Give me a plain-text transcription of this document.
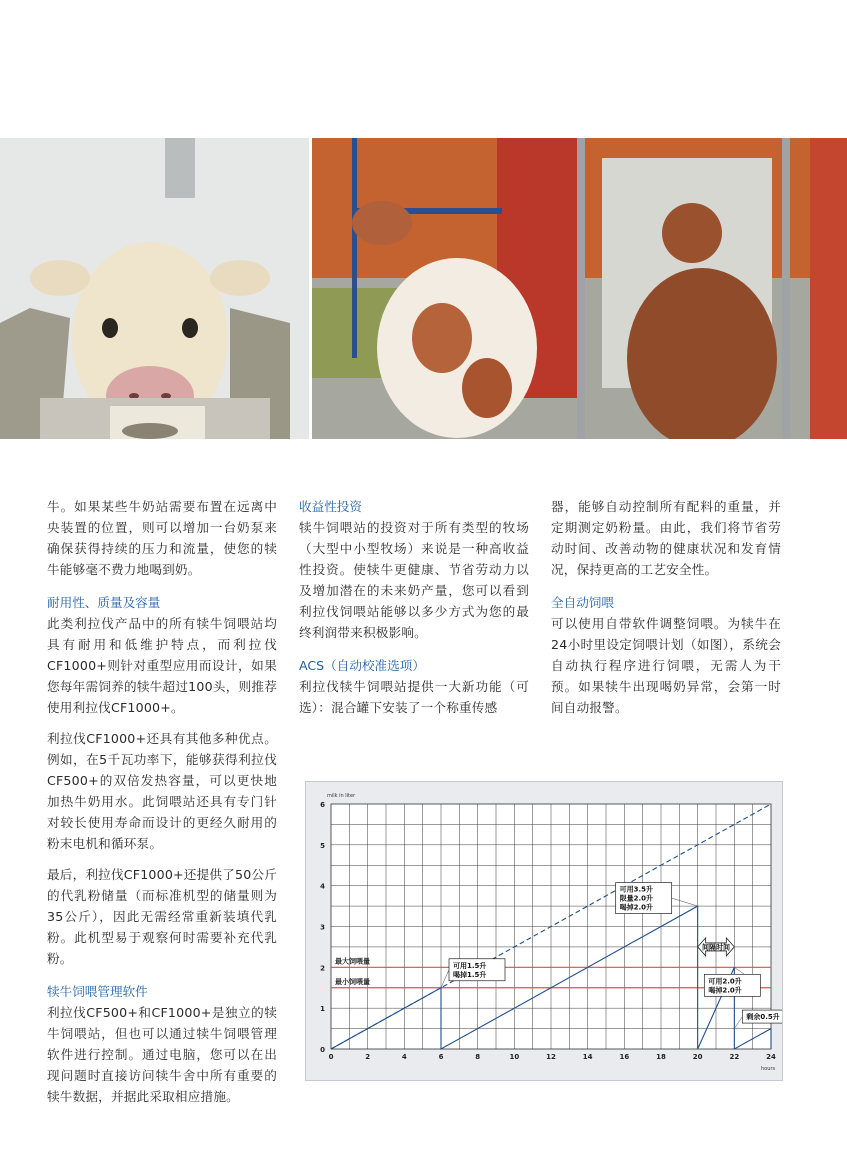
牛。如果某些牛奶站需要布置在远离中央装置的位置，则可以增加一台奶泵来确保获得持续的压力和流量，使您的犊牛能够毫不费力地喝到奶。

耐用性、质量及容量

此类利拉伐产品中的所有犊牛饲喂站均具有耐用和低维护特点，而利拉伐CF1000+则针对重型应用而设计，如果您每年需饲养的犊牛超过100头，则推荐使用利拉伐CF1000+。

利拉伐CF1000+还具有其他多种优点。例如，在5千瓦功率下，能够获得利拉伐CF500+的双倍发热容量，可以更快地加热牛奶用水。此饲喂站还具有专门针对较长使用寿命而设计的更经久耐用的粉末电机和循环泵。

最后，利拉伐CF1000+还提供了50公斤的代乳粉储量（而标准机型的储量则为35公斤），因此无需经常重新装填代乳粉。此机型易于观察何时需要补充代乳粉。

犊牛饲喂管理软件

利拉伐CF500+和CF1000+是独立的犊牛饲喂站，但也可以通过犊牛饲喂管理软件进行控制。通过电脑，您可以在出现问题时直接访问犊牛舍中所有重要的犊牛数据，并据此采取相应措施。

收益性投资

犊牛饲喂站的投资对于所有类型的牧场（大型中小型牧场）来说是一种高收益性投资。使犊牛更健康、节省劳动力以及增加潜在的未来奶产量，您可以看到利拉伐饲喂站能够以多少方式为您的最终利润带来积极影响。

ACS（自动校准选项）

利拉伐犊牛饲喂站提供一大新功能（可选）：混合罐下安装了一个称重传感

器，能够自动控制所有配料的重量，并定期测定奶粉量。由此，我们将节省劳动时间、改善动物的健康状况和发育情况，保持更高的工艺安全性。

全自动饲喂

可以使用自带软件调整饲喂。为犊牛在24小时里设定饲喂计划（如图），系统会自动执行程序进行饲喂，无需人为干预。如果犊牛出现喝奶异常，会第一时间自动报警。

0	2	4	6	8	10	12	14	16	18	20	22	24
0
1
2
3
4
5
6
milk in liter
hours
最大饲喂量
最小饲喂量
可用1.5升
喝掉1.5升
可用3.5升
限量2.0升
喝掉2.0升
剩余0.5升
可用2.0升
喝掉2.0升
间隔时间
